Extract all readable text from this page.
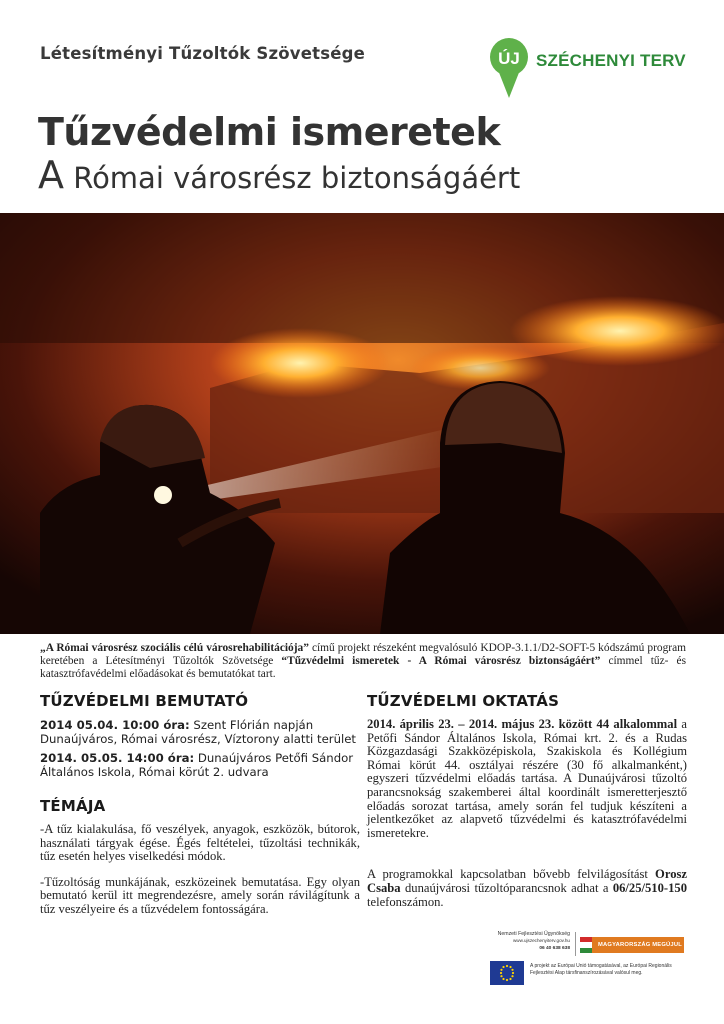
Létesítményi Tűzoltók Szövetsége	ÚJ SZÉCHENYI TERV
Tűzvédelmi ismeretek
A Római városrész biztonságáért
„A Római városrész szociális célú városrehabilitációja” című projekt részeként megvalósuló KDOP-3.1.1/D2-SOFT-5 kódszámú program keretében a Létesítményi Tűzoltók Szövetsége “Tűzvédelmi ismeretek - A Római városrész biztonságáért” címmel tűz- és katasztrófavédelmi előadásokat és bemutatókat tart.
TŰZVÉDELMI BEMUTATÓ

2014 05.04. 10:00 óra: Szent Flórián napján Dunaújváros, Római városrész, Víztorony alatti terület

2014. 05.05. 14:00 óra: Dunaújváros Petőfi Sándor Általános Iskola, Római körút 2. udvara

TÉMÁJA

-A tűz kialakulása, fő veszélyek, anyagok, eszközök, bútorok, használati tárgyak égése. Égés feltételei, tűzoltási technikák, tűz esetén helyes viselkedési módok.

-Tűzoltóság munkájának, eszközeinek bemutatása. Egy olyan bemutató kerül itt megrendezésre, amely során rávilágítunk a tűz veszélyeire és a tűzvédelem fontosságára.

TŰZVÉDELMI OKTATÁS

2014. április 23. – 2014. május 23. között 44 alkalommal a Petőfi Sándor Általános Iskola, Római krt. 2. és a Rudas Közgazdasági Szakközépiskola, Szakiskola és Kollégium Római körút 44. osztályai részére (30 fő alkalmanként,) egyszeri tűzvédelmi előadás tartása. A Dunaújvárosi tűzoltó parancsnokság szakemberei által koordinált ismeretterjesztő előadás sorozat tartása, amely során fel tudjuk készíteni a jelentkezőket az alapvető tűzvédelmi és katasztrófavédelmi ismeretekre.

A programokkal kapcsolatban bővebb felvilágosítást Orosz Csaba dunaújvárosi tűzoltóparancsnok adhat a 06/25/510-150 telefonszámon.

Nemzeti Fejlesztési Ügynökség
www.ujszechenyiterv.gov.hu
06 40 638 638
MAGYARORSZÁG MEGÚJUL
A projekt az Európai Unió támogatásával, az Európai Regionális Fejlesztési Alap társfinanszírozásával valósul meg.
